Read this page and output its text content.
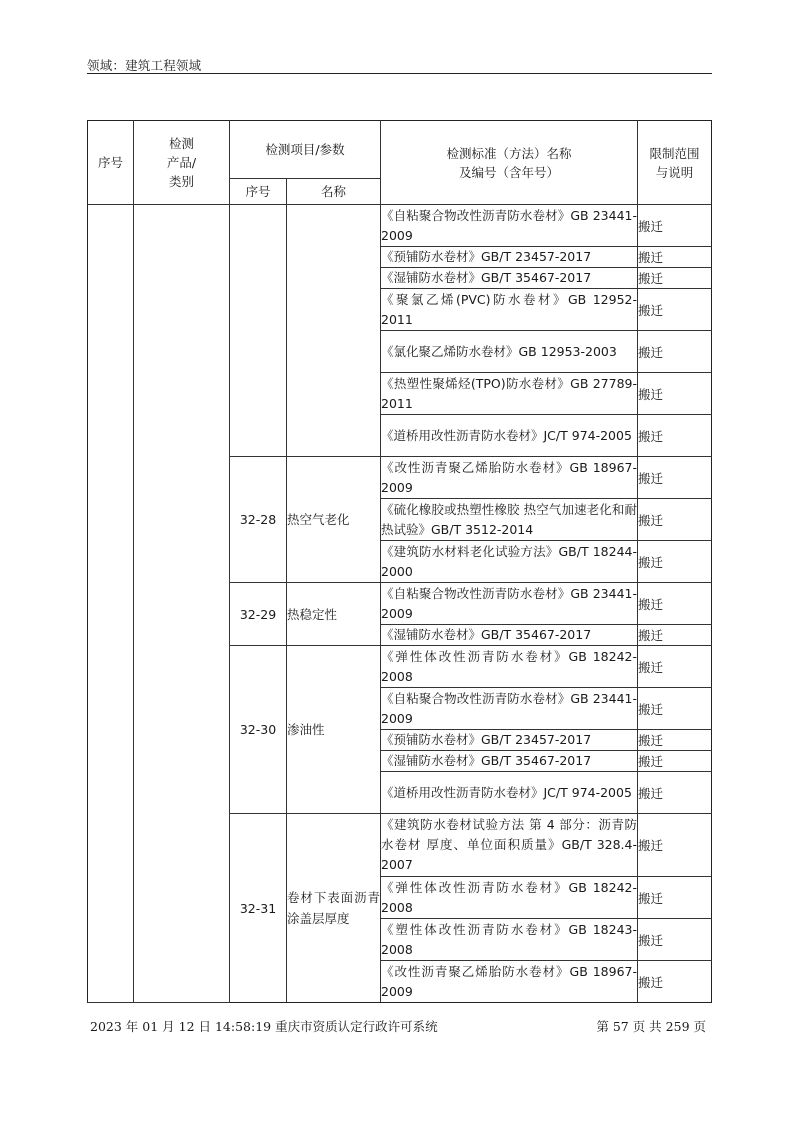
领域：建筑工程领域
序号	检测产品/类别	检测项目/参数		检测标准（方法）名称及编号（含年号）	限制范围与说明
		序号	名称		
				《自粘聚合物改性沥青防水卷材》GB 23441-2009	搬迁
				《预铺防水卷材》GB/T 23457-2017	搬迁
				《湿铺防水卷材》GB/T 35467-2017	搬迁
				《聚氯乙烯(PVC)防水卷材》GB 12952-2011	搬迁
				《氯化聚乙烯防水卷材》GB 12953-2003	搬迁
				《热塑性聚烯烃(TPO)防水卷材》GB 27789-2011	搬迁
				《道桥用改性沥青防水卷材》JC/T 974-2005	搬迁
		32-28	热空气老化	《改性沥青聚乙烯胎防水卷材》GB 18967-2009	搬迁
				《硫化橡胶或热塑性橡胶 热空气加速老化和耐热试验》GB/T 3512-2014	搬迁
				《建筑防水材料老化试验方法》GB/T 18244-2000	搬迁
		32-29	热稳定性	《自粘聚合物改性沥青防水卷材》GB 23441-2009	搬迁
				《湿铺防水卷材》GB/T 35467-2017	搬迁
		32-30	渗油性	《弹性体改性沥青防水卷材》GB 18242-2008	搬迁
				《自粘聚合物改性沥青防水卷材》GB 23441-2009	搬迁
				《预铺防水卷材》GB/T 23457-2017	搬迁
				《湿铺防水卷材》GB/T 35467-2017	搬迁
				《道桥用改性沥青防水卷材》JC/T 974-2005	搬迁
		32-31	卷材下表面沥青涂盖层厚度	《建筑防水卷材试验方法 第 4 部分：沥青防水卷材 厚度、单位面积质量》GB/T 328.4-2007	搬迁
				《弹性体改性沥青防水卷材》GB 18242-2008	搬迁
				《塑性体改性沥青防水卷材》GB 18243-2008	搬迁
				《改性沥青聚乙烯胎防水卷材》GB 18967-2009	搬迁
2023 年 01 月 12 日 14:58:19 重庆市资质认定行政许可系统	第 57 页 共 259 页
